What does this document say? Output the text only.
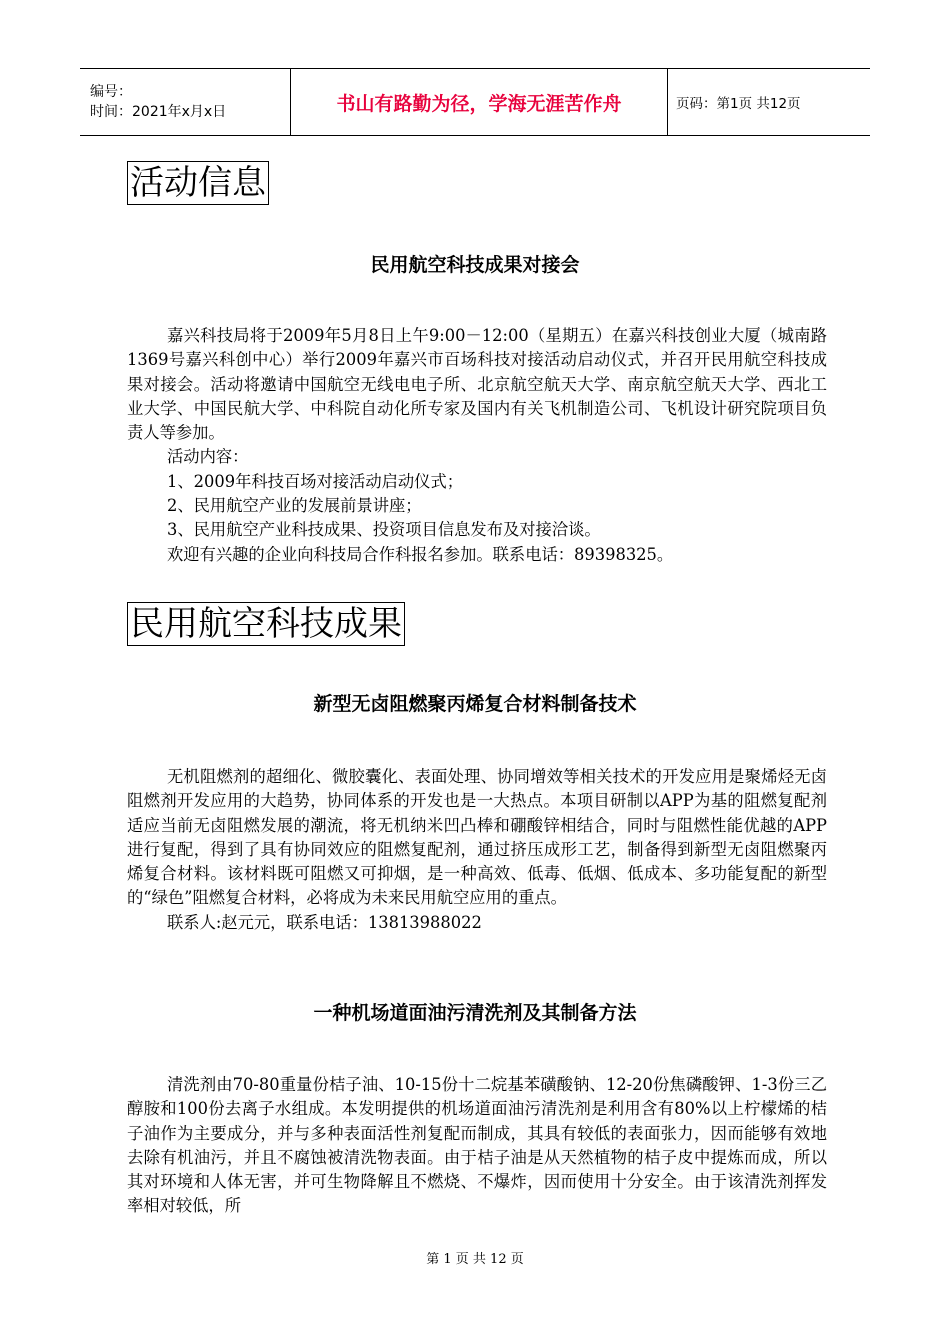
编号：
时间：2021年x月x日	书山有路勤为径，学海无涯苦作舟	页码：第1页 共12页
活动信息
民用航空科技成果对接会

嘉兴科技局将于2009年5月8日上午9:00－12:00（星期五）在嘉兴科技创业大厦（城南路1369号嘉兴科创中心）举行2009年嘉兴市百场科技对接活动启动仪式，并召开民用航空科技成果对接会。活动将邀请中国航空无线电电子所、北京航空航天大学、南京航空航天大学、西北工业大学、中国民航大学、中科院自动化所专家及国内有关飞机制造公司、飞机设计研究院项目负责人等参加。

活动内容：

1、2009年科技百场对接活动启动仪式；

2、民用航空产业的发展前景讲座；

3、民用航空产业科技成果、投资项目信息发布及对接洽谈。

欢迎有兴趣的企业向科技局合作科报名参加。联系电话：89398325。

民用航空科技成果
新型无卤阻燃聚丙烯复合材料制备技术

无机阻燃剂的超细化、微胶囊化、表面处理、协同增效等相关技术的开发应用是聚烯烃无卤阻燃剂开发应用的大趋势，协同体系的开发也是一大热点。本项目研制以APP为基的阻燃复配剂适应当前无卤阻燃发展的潮流，将无机纳米凹凸棒和硼酸锌相结合，同时与阻燃性能优越的APP进行复配，得到了具有协同效应的阻燃复配剂，通过挤压成形工艺，制备得到新型无卤阻燃聚丙烯复合材料。该材料既可阻燃又可抑烟，是一种高效、低毒、低烟、低成本、多功能复配的新型的“绿色”阻燃复合材料，必将成为未来民用航空应用的重点。

联系人:赵元元，联系电话：13813988022

一种机场道面油污清洗剂及其制备方法

清洗剂由70-80重量份桔子油、10-15份十二烷基苯磺酸钠、12-20份焦磷酸钾、1-3份三乙醇胺和100份去离子水组成。本发明提供的机场道面油污清洗剂是利用含有80%以上柠檬烯的桔子油作为主要成分，并与多种表面活性剂复配而制成，其具有较低的表面张力，因而能够有效地去除有机油污，并且不腐蚀被清洗物表面。由于桔子油是从天然植物的桔子皮中提炼而成，所以其对环境和人体无害，并可生物降解且不燃烧、不爆炸，因而使用十分安全。由于该清洗剂挥发率相对较低，所

第 1 页 共 12 页
